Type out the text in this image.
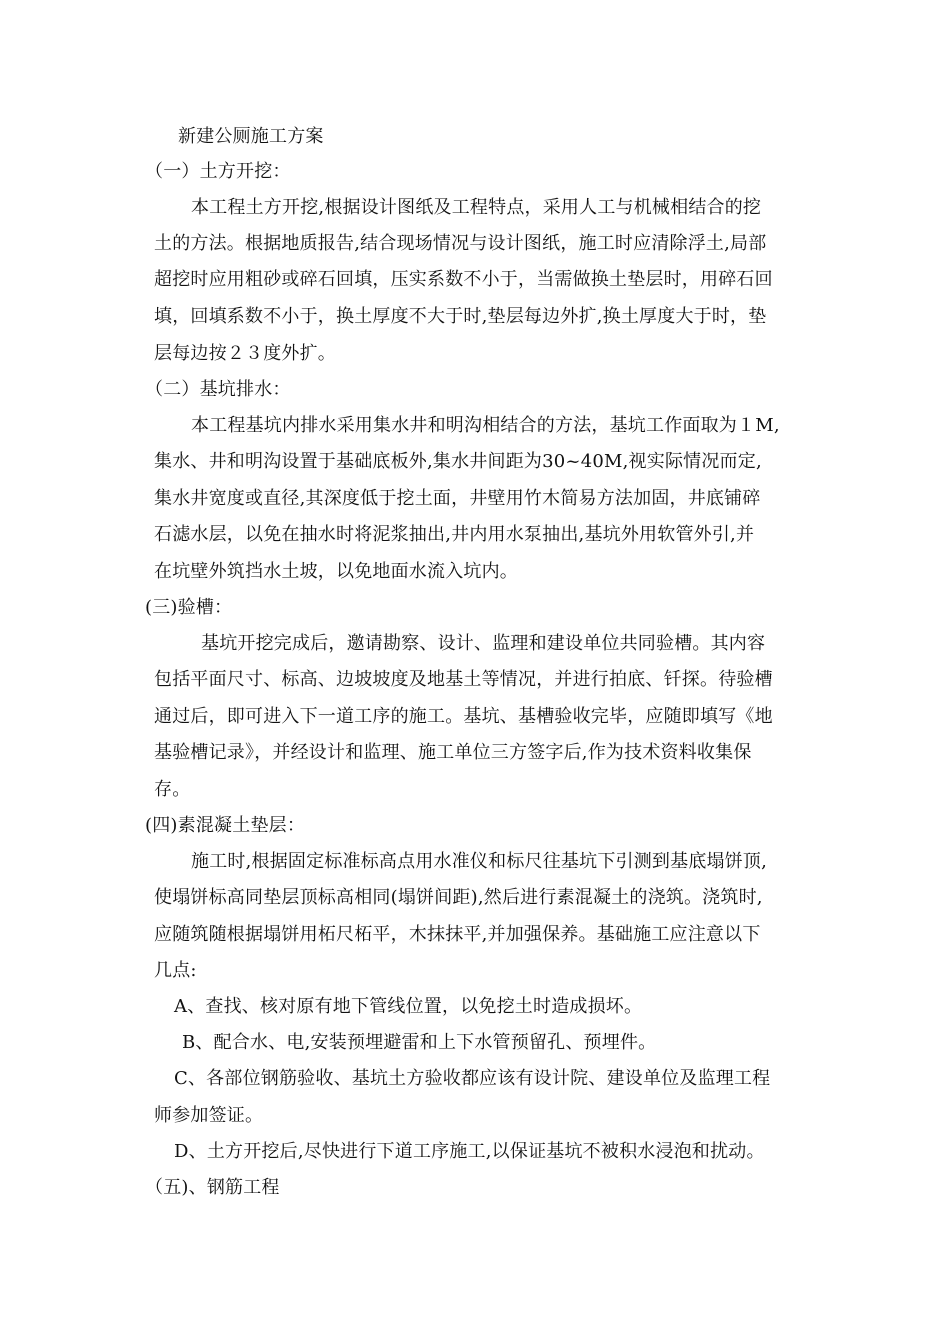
新建公厕施工方案
（一）土方开挖：
本工程土方开挖,根据设计图纸及工程特点，采用人工与机械相结合的挖
土的方法。根据地质报告,结合现场情况与设计图纸，施工时应清除浮土,局部
超挖时应用粗砂或碎石回填，压实系数不小于，当需做换土垫层时，用碎石回
填，回填系数不小于，换土厚度不大于时,垫层每边外扩,换土厚度大于时，垫
层每边按２３度外扩。
（二）基坑排水：
本工程基坑内排水采用集水井和明沟相结合的方法，基坑工作面取为１M,
集水、井和明沟设置于基础底板外,集水井间距为30~40M,视实际情况而定,
集水井宽度或直径,其深度低于挖土面，井壁用竹木简易方法加固，井底铺碎
石滤水层，以免在抽水时将泥浆抽出,井内用水泵抽出,基坑外用软管外引,并
在坑壁外筑挡水土坡，以免地面水流入坑内。
(三)验槽：
基坑开挖完成后，邀请勘察、设计、监理和建设单位共同验槽。其内容
包括平面尺寸、标高、边坡坡度及地基土等情况，并进行拍底、钎探。待验槽
通过后，即可进入下一道工序的施工。基坑、基槽验收完毕，应随即填写《地
基验槽记录》，并经设计和监理、施工单位三方签字后,作为技术资料收集保
存。
(四)素混凝土垫层：
施工时,根据固定标准标高点用水准仪和标尺往基坑下引测到基底塌饼顶,
使塌饼标高同垫层顶标高相同(塌饼间距),然后进行素混凝土的浇筑。浇筑时,
应随筑随根据塌饼用柘尺柘平，木抹抹平,并加强保养。基础施工应注意以下
几点:
A、查找、核对原有地下管线位置，以免挖土时造成损坏。
B、配合水、电,安装预埋避雷和上下水管预留孔、预埋件。
C、各部位钢筋验收、基坑土方验收都应该有设计院、建设单位及监理工程
师参加签证。
D、土方开挖后,尽快进行下道工序施工,以保证基坑不被积水浸泡和扰动。
（五)、钢筋工程
